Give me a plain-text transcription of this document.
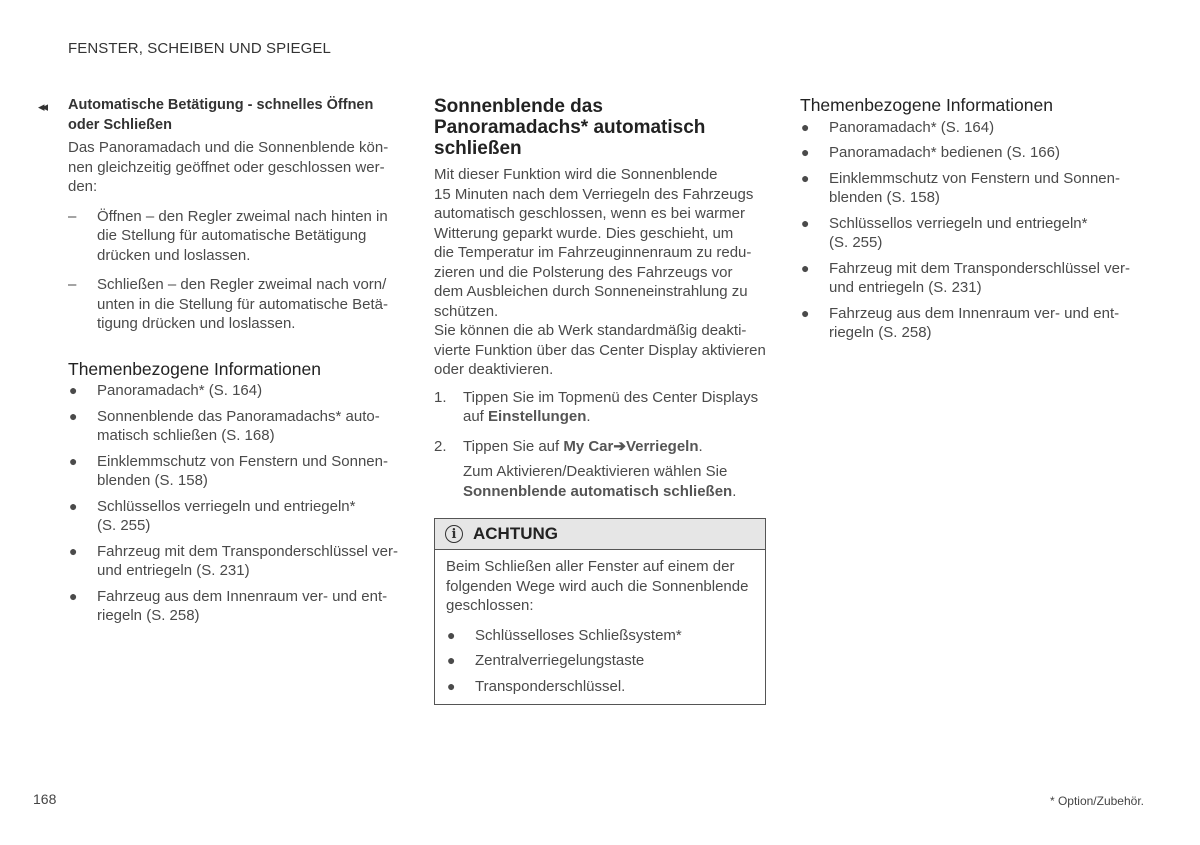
FENSTER, SCHEIBEN UND SPIEGEL
◂◂ Automatische Betätigung - schnelles Öffnen
oder Schließen

Das Panoramadach und die Sonnenblende kön-
nen gleichzeitig geöffnet oder geschlossen wer-
den:

– Öffnen – den Regler zweimal nach hinten in
die Stellung für automatische Betätigung
drücken und loslassen.
– Schließen – den Regler zweimal nach vorn/
unten in die Stellung für automatische Betä-
tigung drücken und loslassen.
Themenbezogene Informationen
● Panoramadach* (S. 164)
● Sonnenblende das Panoramadachs* auto-
matisch schließen (S. 168)
● Einklemmschutz von Fenstern und Sonnen-
blenden (S. 158)
● Schlüssellos verriegeln und entriegeln*
(S. 255)
● Fahrzeug mit dem Transponderschlüssel ver-
und entriegeln (S. 231)
● Fahrzeug aus dem Innenraum ver- und ent-
riegeln (S. 258)
Sonnenblende das
Panoramadachs* automatisch
schließen

Mit dieser Funktion wird die Sonnenblende
15 Minuten nach dem Verriegeln des Fahrzeugs
automatisch geschlossen, wenn es bei warmer
Witterung geparkt wurde. Dies geschieht, um
die Temperatur im Fahrzeuginnenraum zu redu-
zieren und die Polsterung des Fahrzeugs vor
dem Ausbleichen durch Sonneneinstrahlung zu
schützen.

Sie können die ab Werk standardmäßig deakti-
vierte Funktion über das Center Display aktivieren
oder deaktivieren.

1. Tippen Sie im Topmenü des Center Displays
auf Einstellungen.
2. Tippen Sie auf My Car➔Verriegeln.
Zum Aktivieren/Deaktivieren wählen Sie
Sonnenblende automatisch schließen.
i ACHTUNG

Beim Schließen aller Fenster auf einem der
folgenden Wege wird auch die Sonnenblende
geschlossen:

● Schlüsselloses Schließsystem*
● Zentralverriegelungstaste
● Transponderschlüssel.
Themenbezogene Informationen
● Panoramadach* (S. 164)
● Panoramadach* bedienen (S. 166)
● Einklemmschutz von Fenstern und Sonnen-
blenden (S. 158)
● Schlüssellos verriegeln und entriegeln*
(S. 255)
● Fahrzeug mit dem Transponderschlüssel ver-
und entriegeln (S. 231)
● Fahrzeug aus dem Innenraum ver- und ent-
riegeln (S. 258)
168	* Option/Zubehör.
